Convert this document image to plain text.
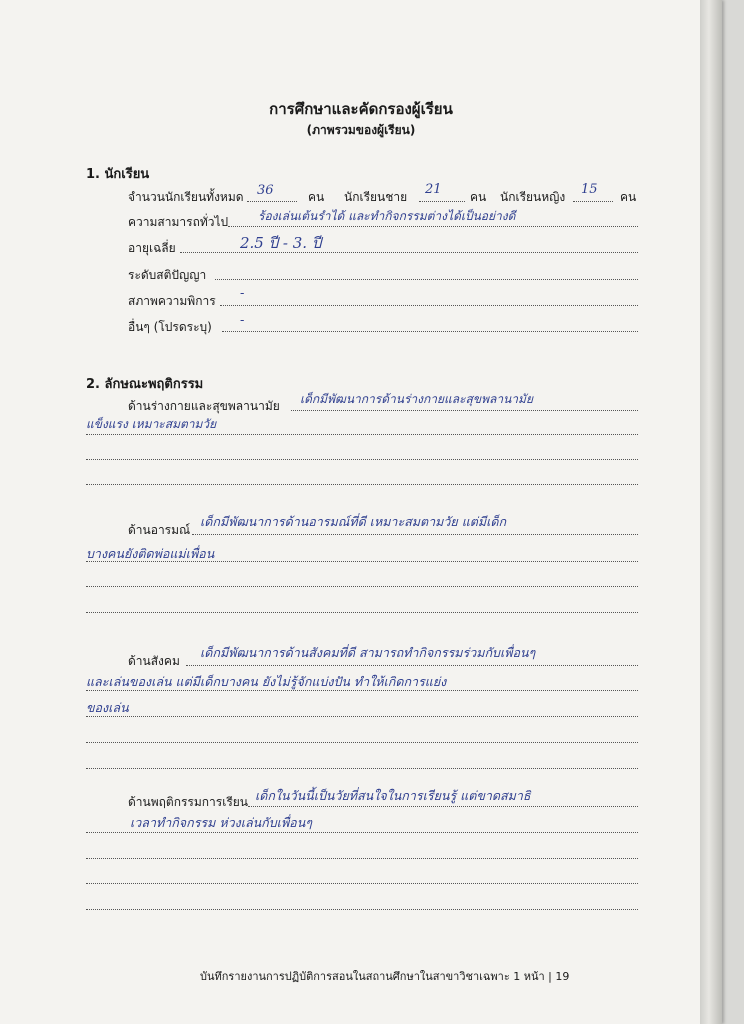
การศึกษาและคัดกรองผู้เรียน
(ภาพรวมของผู้เรียน)
1. นักเรียน
จำนวนนักเรียนทั้งหมด 36	คน นักเรียนชาย 21 คน นักเรียนหญิง 15 คน
ความสามารถทั่วไป ร้องเล่นเต้นรำได้ และทำกิจกรรมต่างได้เป็นอย่างดี
อายุเฉลี่ย	2.5 ปี - 3. ปี
ระดับสติปัญญา
สภาพความพิการ -
อื่นๆ (โปรดระบุ) -
2. ลักษณะพฤติกรรม
ด้านร่างกายและสุขพลานามัย เด็กมีพัฒนาการด้านร่างกายและสุขพลานามัย
แข็งแรง เหมาะสมตามวัย
ด้านอารมณ์
เด็กมีพัฒนาการด้านอารมณ์ที่ดี เหมาะสมตามวัย แต่มีเด็ก
บางคนยังติดพ่อแม่เพื่อน
ด้านสังคม
เด็กมีพัฒนาการด้านสังคมที่ดี สามารถทำกิจกรรมร่วมกับเพื่อนๆ
และเล่นของเล่น แต่มีเด็กบางคน ยังไม่รู้จักแบ่งปัน ทำให้เกิดการแย่ง
ของเล่น
ด้านพฤติกรรมการเรียน เด็กในวันนี้เป็นวัยที่สนใจในการเรียนรู้ แต่ขาดสมาธิ
เวลาทำกิจกรรม ห่วงเล่นกับเพื่อนๆ
บันทึกรายงานการปฏิบัติการสอนในสถานศึกษาในสาขาวิชาเฉพาะ 1 หน้า | 19
